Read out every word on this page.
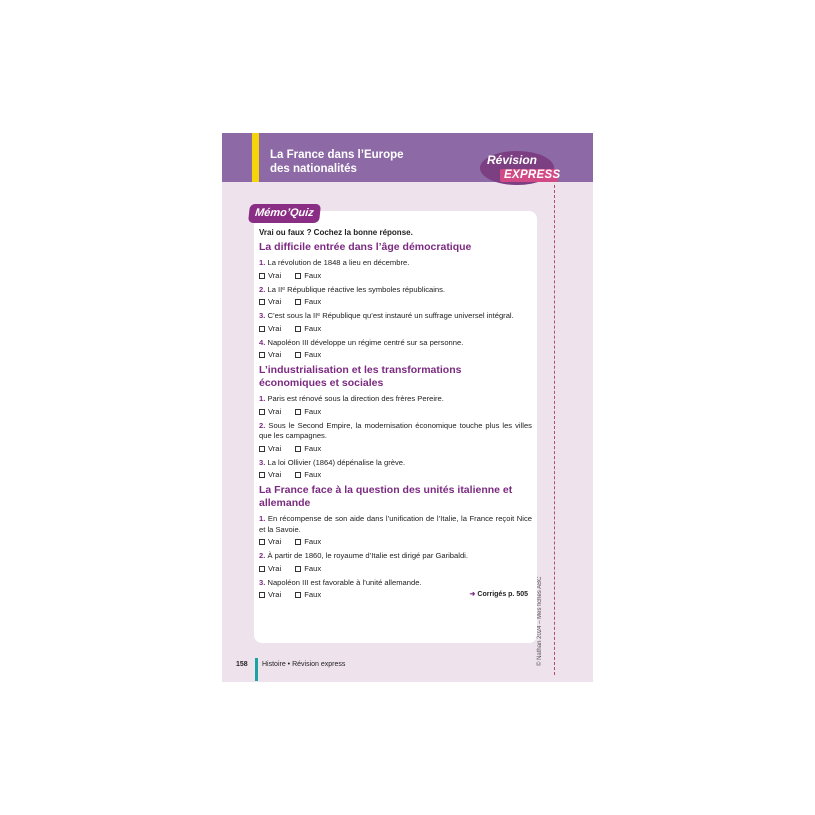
La France dans l’Europe
des nationalités
Révision
EXPRESS
© Nathan 2024 – Mes fiches ABC
Mémo’Quiz

Vrai ou faux ? Cochez la bonne réponse.

La difficile entrée dans l’âge démocratique

1. La révolution de 1848 a lieu en décembre.

Vrai	Faux

2. La IIᵉ République réactive les symboles républicains.

Vrai	Faux

3. C’est sous la IIᵉ République qu’est instauré un suffrage universel intégral.

Vrai	Faux

4. Napoléon III développe un régime centré sur sa personne.

Vrai	Faux
L’industrialisation et les transformations économiques et sociales

1. Paris est rénové sous la direction des frères Pereire.

Vrai	Faux

2. Sous le Second Empire, la modernisation économique touche plus les villes que les campagnes.

Vrai	Faux

3. La loi Ollivier (1864) dépénalise la grève.

Vrai	Faux
La France face à la question des unités italienne et allemande

1. En récompense de son aide dans l’unification de l’Italie, la France reçoit Nice et la Savoie.

Vrai	Faux

2. À partir de 1860, le royaume d’Italie est dirigé par Garibaldi.

Vrai	Faux

3. Napoléon III est favorable à l’unité allemande.

Vrai	Faux	➜ Corrigés p. 505
158 Histoire • Révision express
